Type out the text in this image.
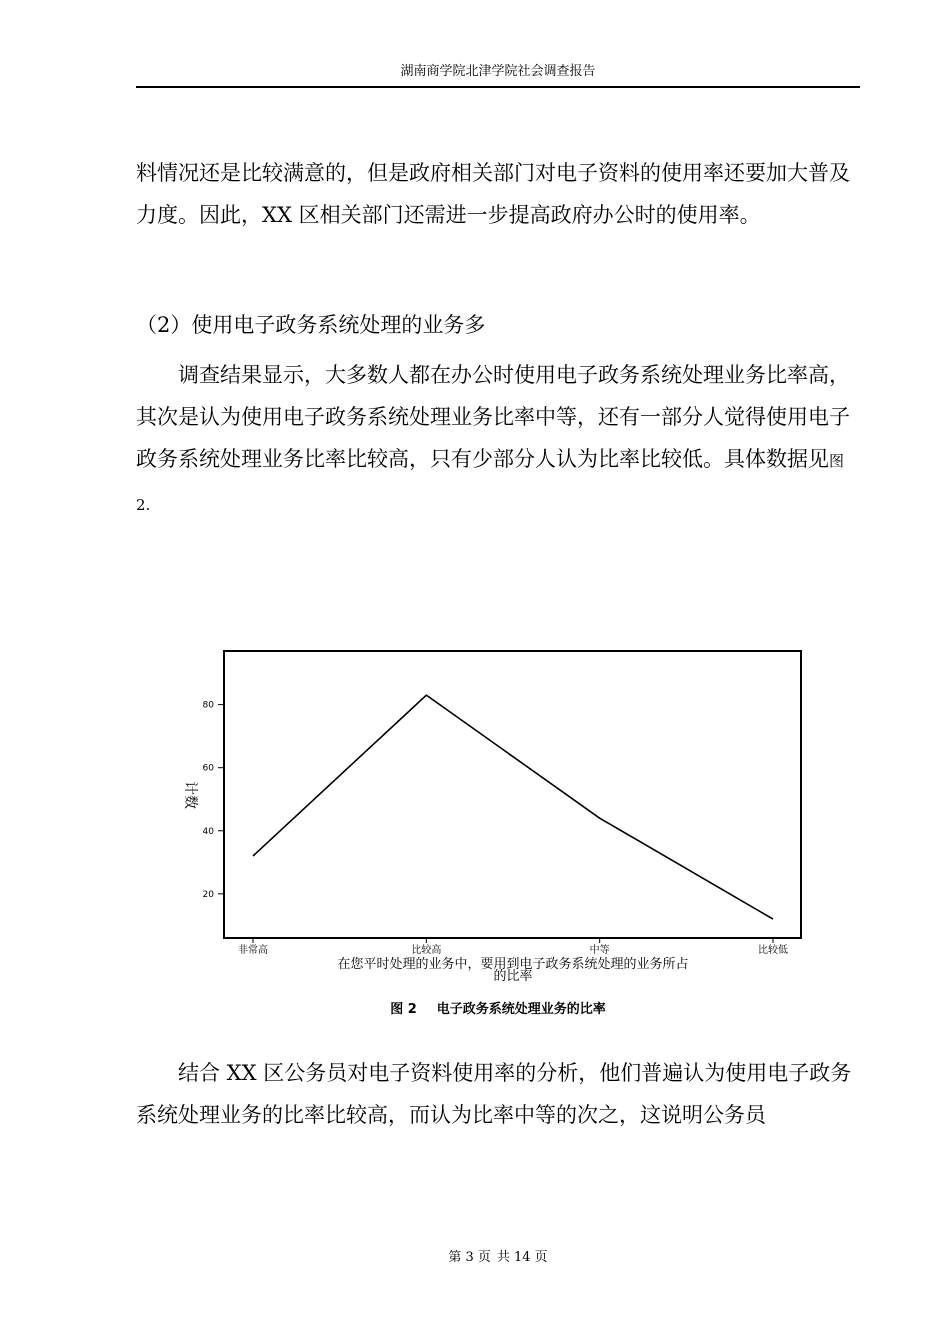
湖南商学院北津学院社会调查报告

料情况还是比较满意的，但是政府相关部门对电子资料的使用率还要加大普及力度。因此，XX 区相关部门还需进一步提高政府办公时的使用率。

（2）使用电子政务系统处理的业务多

调查结果显示，大多数人都在办公时使用电子政务系统处理业务比率高，其次是认为使用电子政务系统处理业务比率中等，还有一部分人觉得使用电子政务系统处理业务比率比较高，只有少部分人认为比率比较低。具体数据见图 2.

20
40
60
80
非常高	比较高	中等	比较低
计数
在您平时处理的业务中，要用到电子政务系统处理的业务所占
的比率
图 2 电子政务系统处理业务的比率

结合 XX 区公务员对电子资料使用率的分析，他们普遍认为使用电子政务系统处理业务的比率比较高，而认为比率中等的次之，这说明公务员

第 3 页 共 14 页
